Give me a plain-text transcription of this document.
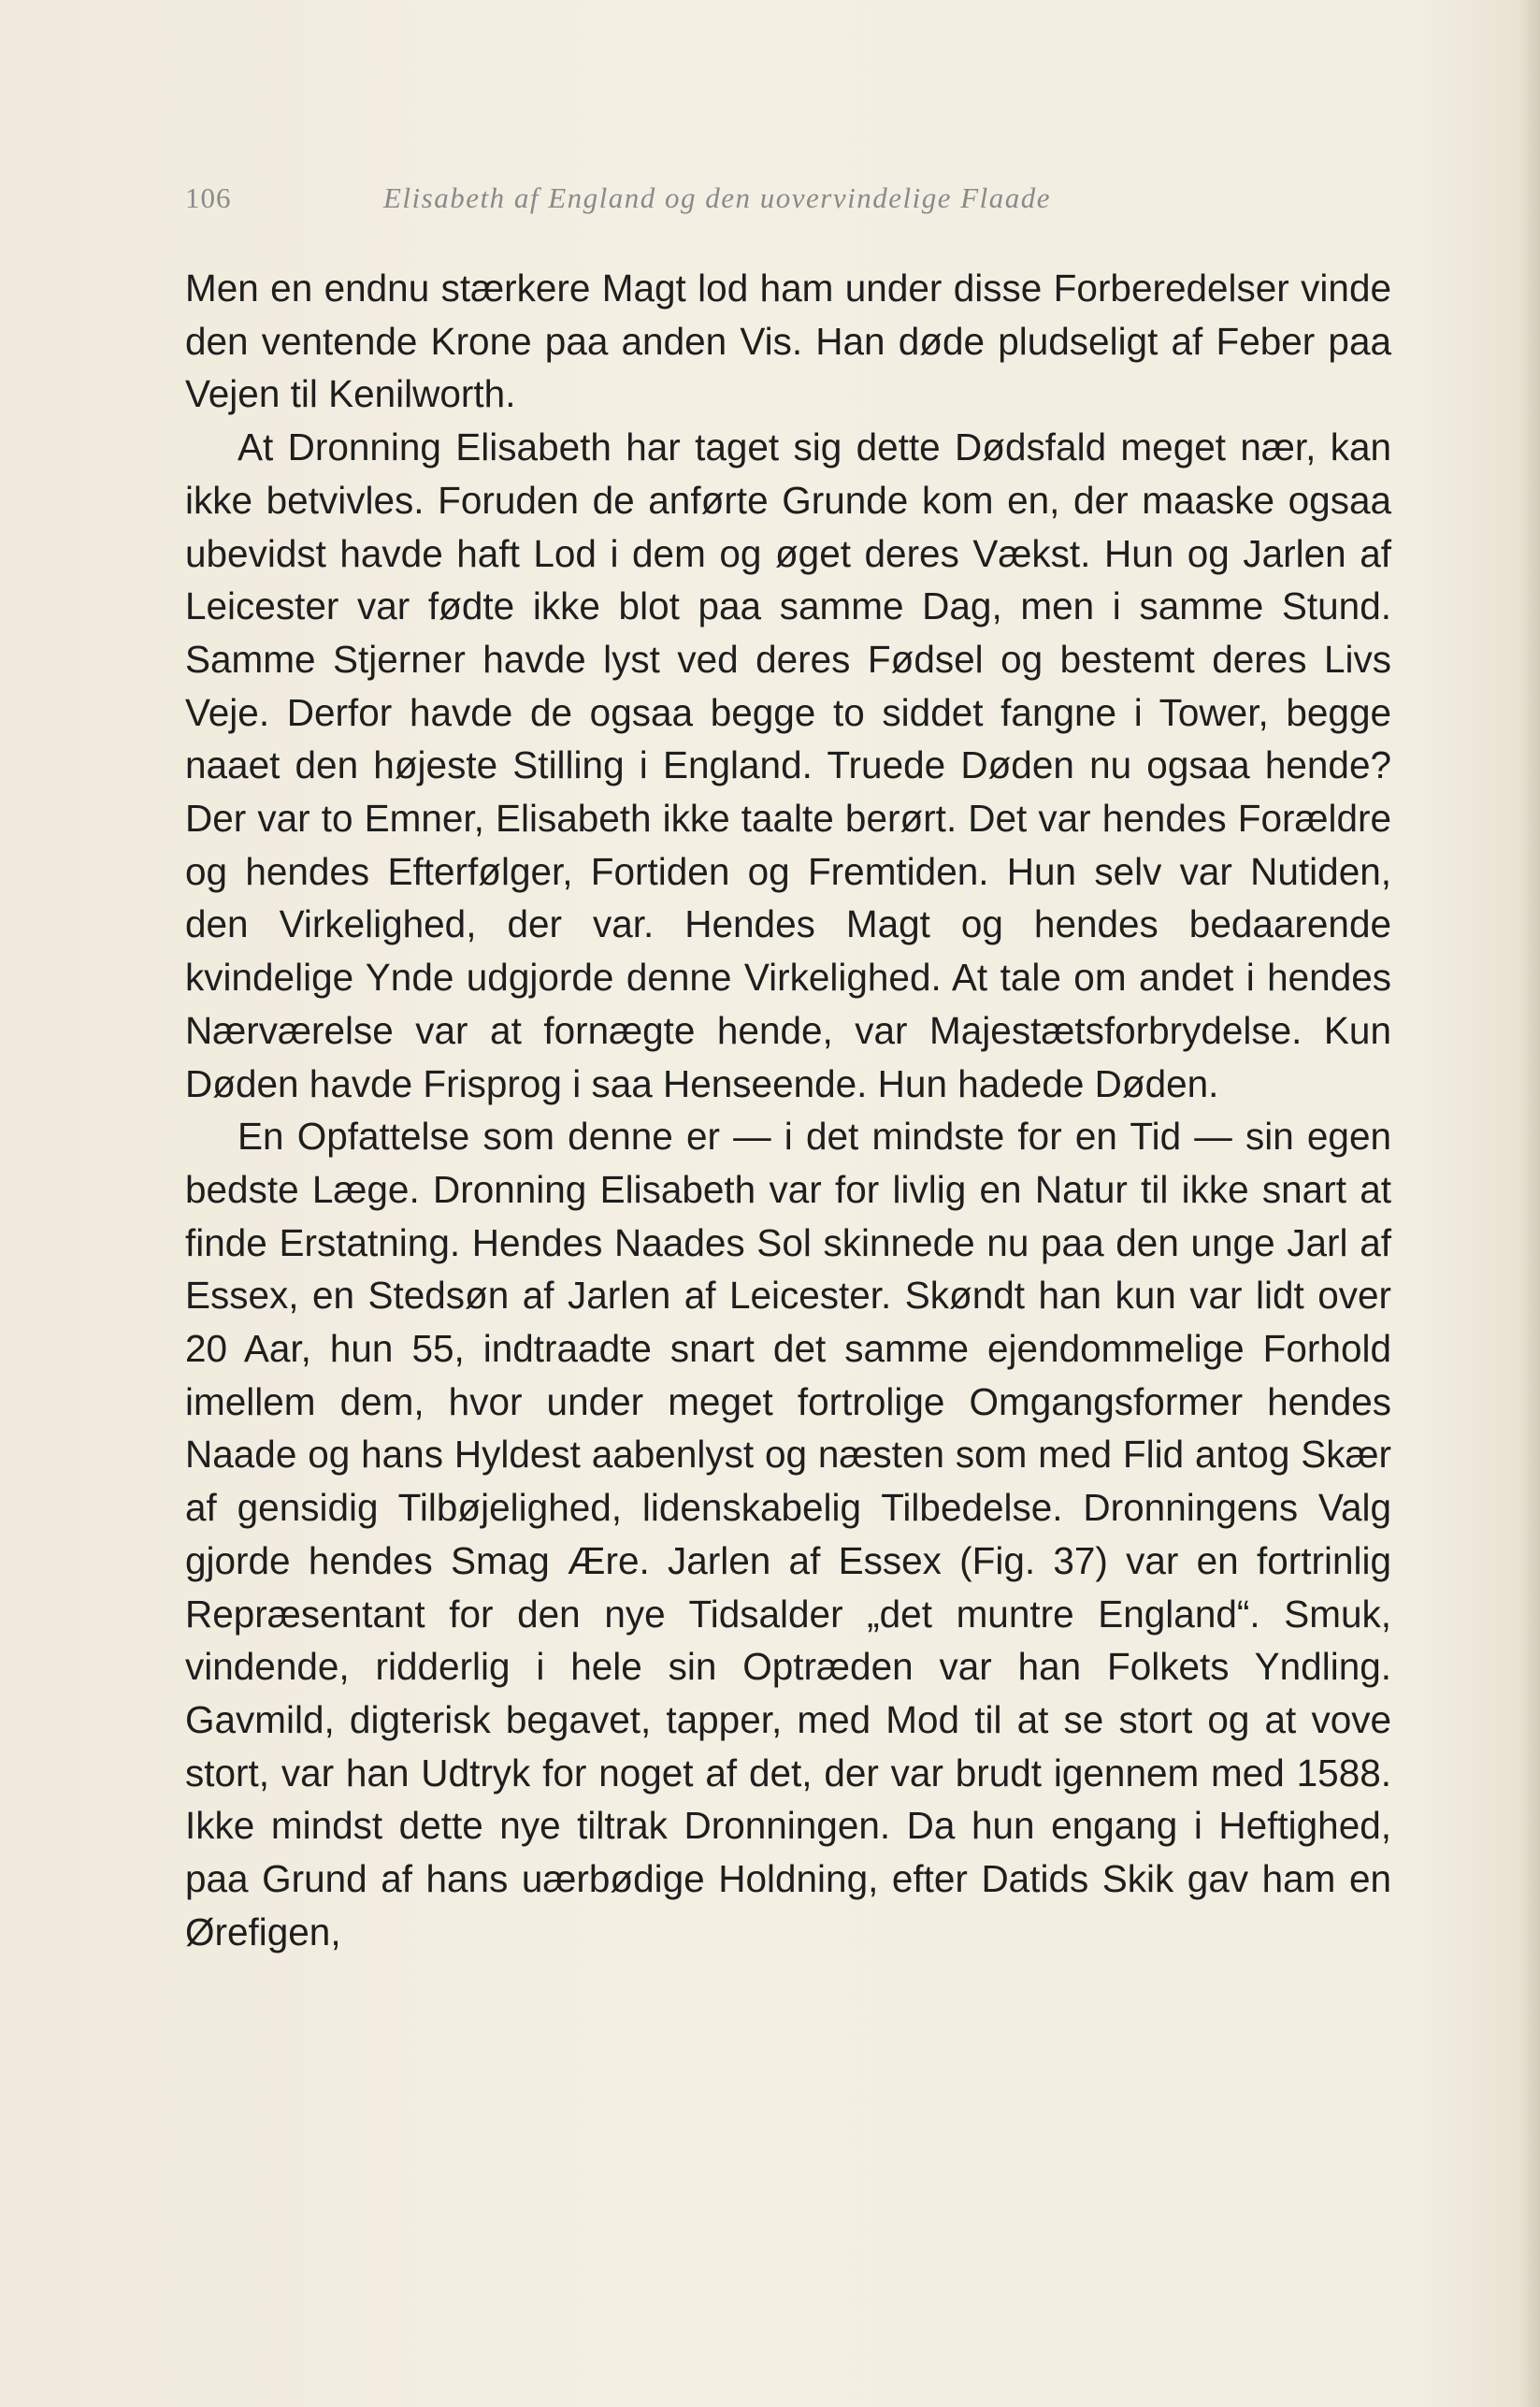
106	Elisabeth af England og den uovervindelige Flaade

Men en endnu stærkere Magt lod ham under disse Forberedelser vinde den ventende Krone paa anden Vis. Han døde pludseligt af Feber paa Vejen til Kenilworth.

At Dronning Elisabeth har taget sig dette Dødsfald meget nær, kan ikke betvivles. Foruden de anførte Grunde kom en, der maaske ogsaa ubevidst havde haft Lod i dem og øget deres Vækst. Hun og Jarlen af Leicester var fødte ikke blot paa samme Dag, men i samme Stund. Samme Stjerner havde lyst ved deres Fødsel og bestemt deres Livs Veje. Derfor havde de ogsaa begge to siddet fangne i Tower, begge naaet den højeste Stilling i England. Truede Døden nu ogsaa hende? Der var to Emner, Elisabeth ikke taalte berørt. Det var hendes Forældre og hendes Efterfølger, Fortiden og Fremtiden. Hun selv var Nutiden, den Virkelighed, der var. Hendes Magt og hendes bedaarende kvindelige Ynde udgjorde denne Virkelighed. At tale om andet i hendes Nærværelse var at fornægte hende, var Majestætsforbrydelse. Kun Døden havde Frisprog i saa Henseende. Hun hadede Døden.

En Opfattelse som denne er — i det mindste for en Tid — sin egen bedste Læge. Dronning Elisabeth var for livlig en Natur til ikke snart at finde Erstatning. Hendes Naades Sol skinnede nu paa den unge Jarl af Essex, en Stedsøn af Jarlen af Leicester. Skøndt han kun var lidt over 20 Aar, hun 55, indtraadte snart det samme ejendommelige Forhold imellem dem, hvor under meget fortrolige Omgangsformer hendes Naade og hans Hyldest aabenlyst og næsten som med Flid antog Skær af gensidig Tilbøjelighed, lidenskabelig Tilbedelse. Dronningens Valg gjorde hendes Smag Ære. Jarlen af Essex (Fig. 37) var en fortrinlig Repræsentant for den nye Tidsalder „det muntre England“. Smuk, vindende, ridderlig i hele sin Optræden var han Folkets Yndling. Gavmild, digterisk begavet, tapper, med Mod til at se stort og at vove stort, var han Udtryk for noget af det, der var brudt igennem med 1588. Ikke mindst dette nye tiltrak Dronningen. Da hun engang i Heftighed, paa Grund af hans uærbødige Holdning, efter Datids Skik gav ham en Ørefigen,
